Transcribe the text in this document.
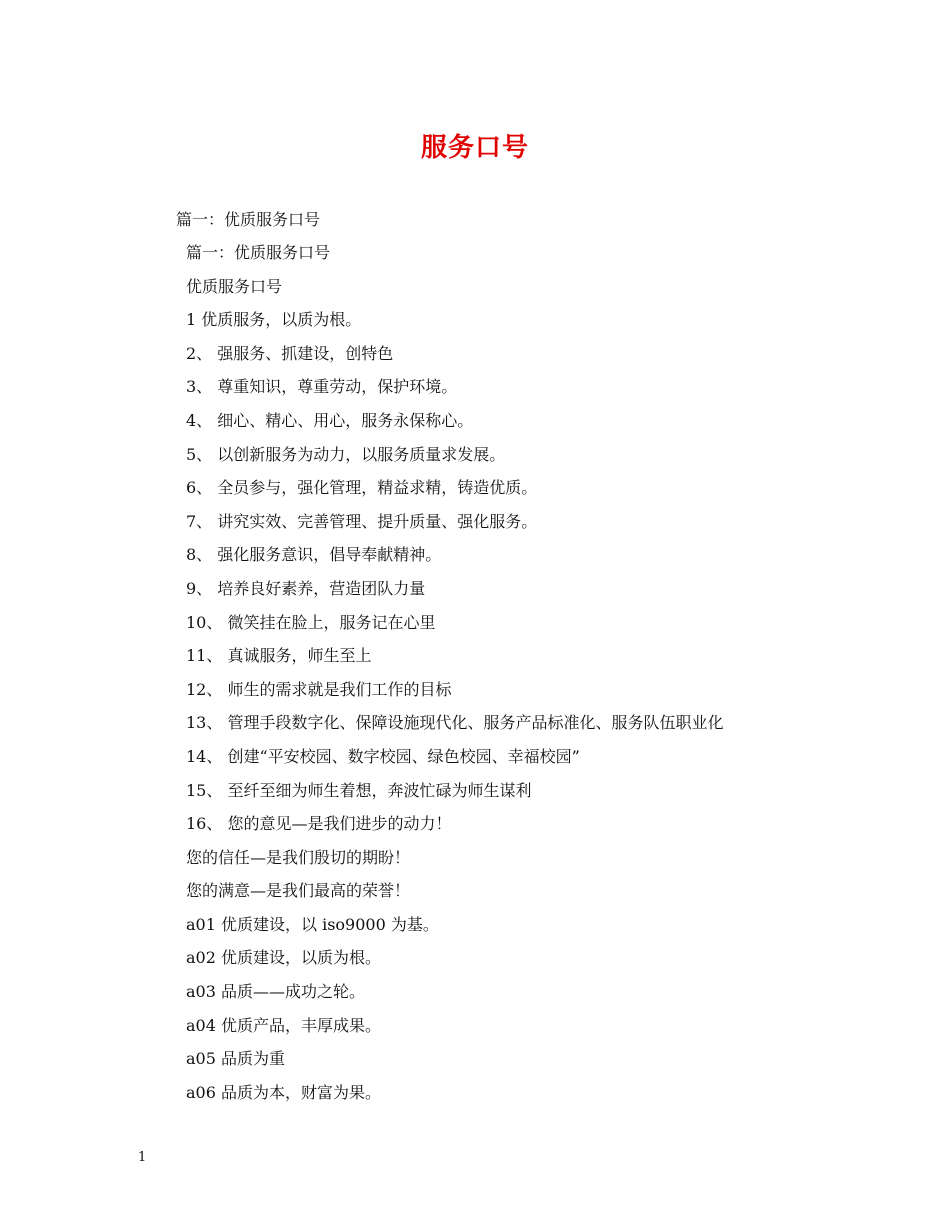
服务口号
篇一：优质服务口号
篇一：优质服务口号
优质服务口号
1 优质服务，以质为根。
2、 强服务、抓建设，创特色
3、 尊重知识，尊重劳动，保护环境。
4、 细心、精心、用心，服务永保称心。
5、 以创新服务为动力，以服务质量求发展。
6、 全员参与，强化管理，精益求精，铸造优质。
7、 讲究实效、完善管理、提升质量、强化服务。
8、 强化服务意识，倡导奉献精神。
9、 培养良好素养，营造团队力量
10、 微笑挂在脸上，服务记在心里
11、 真诚服务，师生至上
12、 师生的需求就是我们工作的目标
13、 管理手段数字化、保障设施现代化、服务产品标准化、服务队伍职业化
14、 创建“平安校园、数字校园、绿色校园、幸福校园”
15、 至纤至细为师生着想，奔波忙碌为师生谋利
16、 您的意见—是我们进步的动力！
您的信任—是我们殷切的期盼！
您的满意—是我们最高的荣誉！
a01 优质建设，以 iso9000 为基。
a02 优质建设，以质为根。
a03 品质——成功之轮。
a04 优质产品，丰厚成果。
a05 品质为重
a06 品质为本，财富为果。
1
